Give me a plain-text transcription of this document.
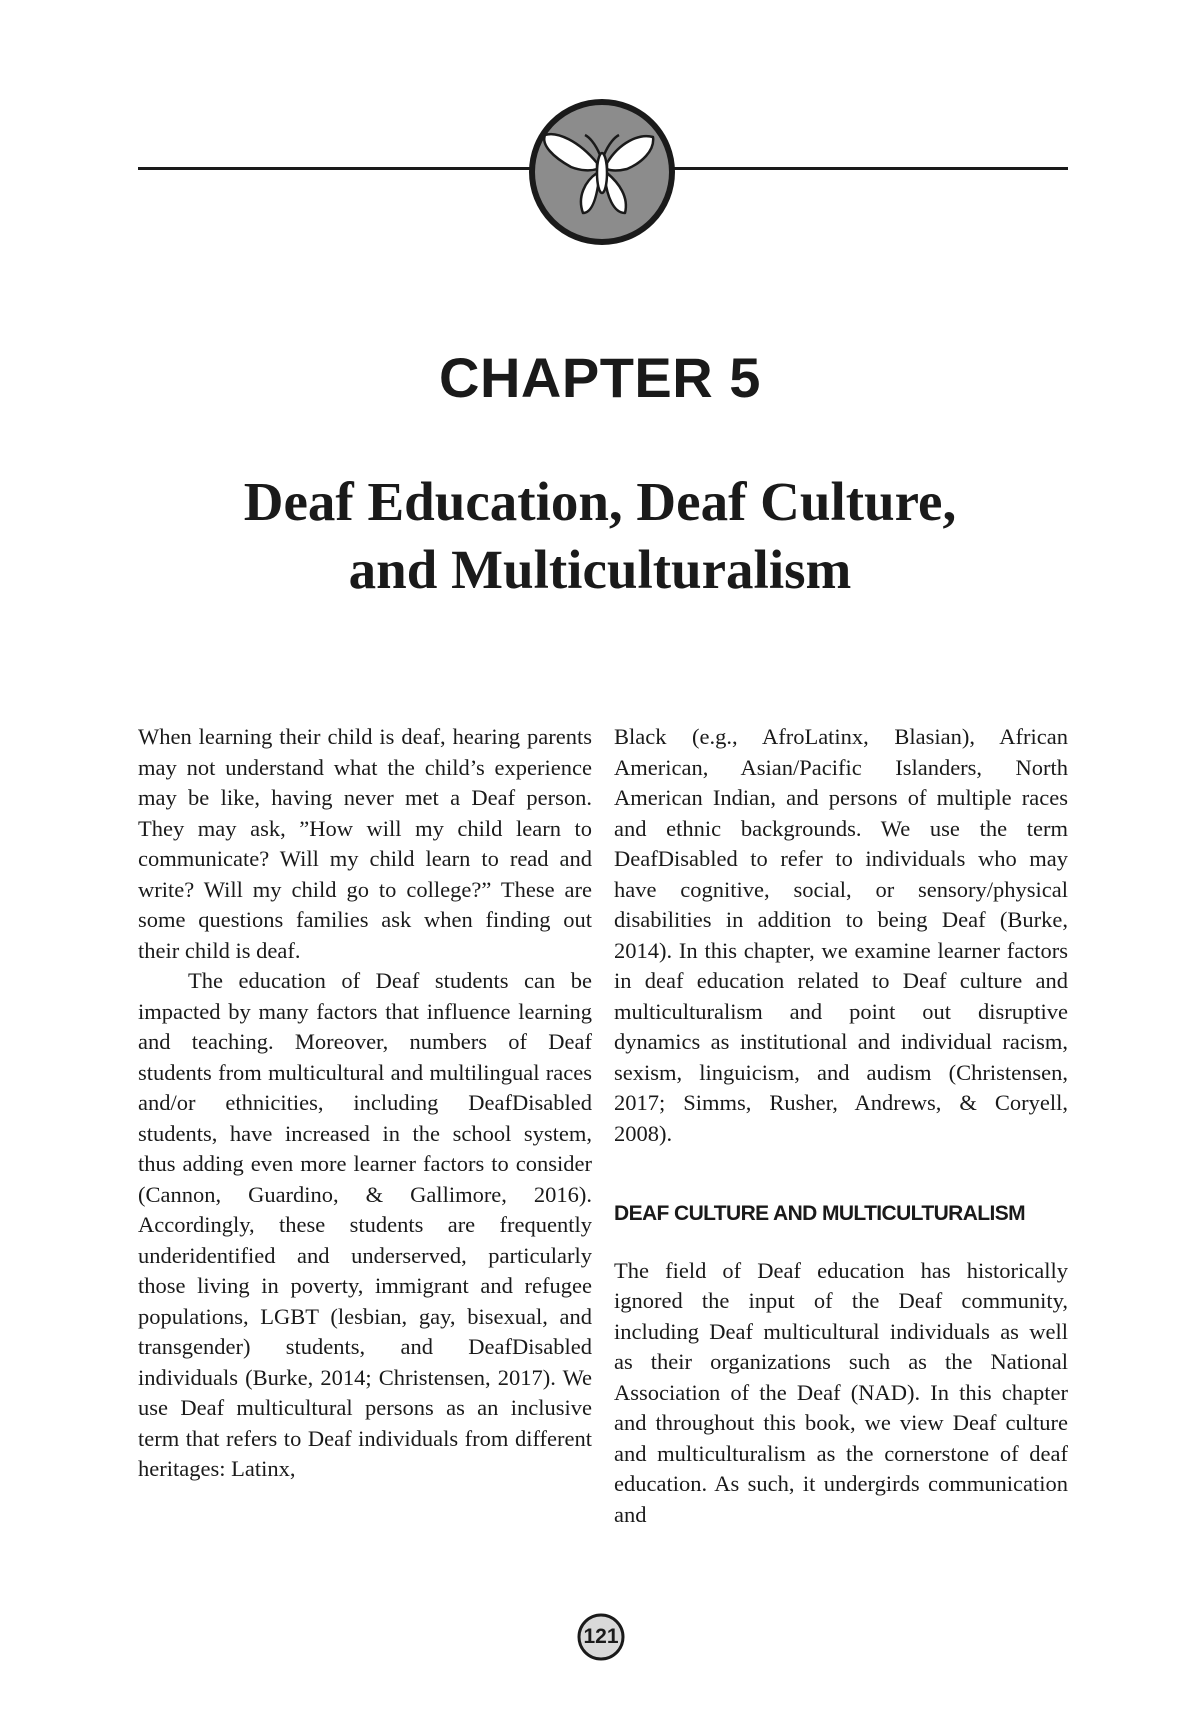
CHAPTER 5
Deaf Education, Deaf Culture,
and Multiculturalism

When learning their child is deaf, hearing parents may not understand what the child’s experience may be like, having never met a Deaf person. They may ask, ”How will my child learn to communicate? Will my child learn to read and write? Will my child go to college?” These are some questions families ask when finding out their child is deaf.

The education of Deaf students can be impacted by many factors that influence learning and teaching. Moreover, numbers of Deaf students from multicultural and multilingual races and/or ethnicities, including DeafDisabled students, have increased in the school system, thus adding even more learner factors to consider (Cannon, Guardino, & Gallimore, 2016). Accordingly, these students are frequently underidentified and underserved, particularly those living in poverty, immigrant and refugee populations, LGBT (lesbian, gay, bisexual, and transgender) students, and DeafDisabled individuals (Burke, 2014; Christensen, 2017). We use Deaf multicultural persons as an inclusive term that refers to Deaf individuals from different heritages: Latinx,

Black (e.g., AfroLatinx, Blasian), African American, Asian/Pacific Islanders, North American Indian, and persons of multiple races and ethnic backgrounds. We use the term DeafDisabled to refer to individuals who may have cognitive, social, or sensory/physical disabilities in addition to being Deaf (Burke, 2014). In this chapter, we examine learner factors in deaf education related to Deaf culture and multiculturalism and point out disruptive dynamics as institutional and individual racism, sexism, linguicism, and audism (Christensen, 2017; Simms, Rusher, Andrews, & Coryell, 2008).

DEAF CULTURE AND MULTICULTURALISM

The field of Deaf education has historically ignored the input of the Deaf community, including Deaf multicultural individuals as well as their organizations such as the National Association of the Deaf (NAD). In this chapter and throughout this book, we view Deaf culture and multiculturalism as the cornerstone of deaf education. As such, it undergirds communication and

121
